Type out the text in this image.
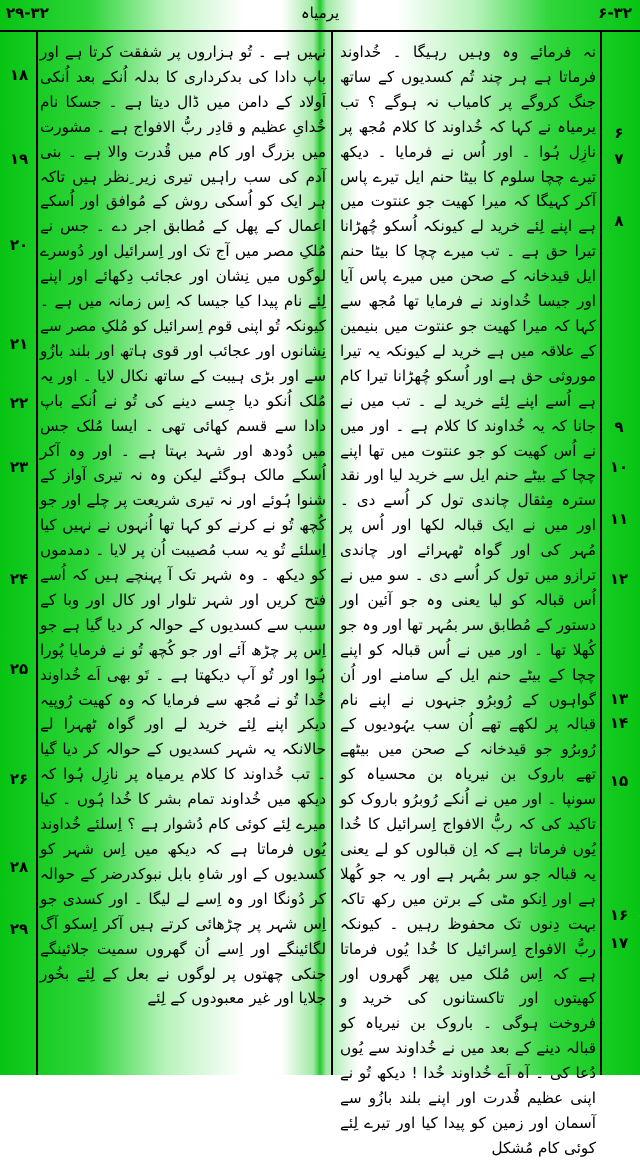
۲۹-۳۲	یرمیاہ	۶-۳۲
نہیں ہے ۔ تُو ہزاروں پر شفقت کرتا ہے اور باپ دادا کی بدکرداری کا بدلہ اُنکے بعد اُنکی اَولاد کے دامن میں ڈال دیتا ہے ۔ جسکا نام خُدایِ عظیم و قادِر ربُّ الافواج ہے ۔ مشورت میں بزرگ اور کام میں قُدرت والا ہے ۔ بنی آدم کی سب راہیں تیری زیر ِنظر ہیں تاکہ ہر ایک کو اُسکی روش کے مُوافق اور اُسکے اعمال کے پھل کے مُطابق اجر دے ۔ جس نے مُلکِ مصر میں آج تک اور اِسرائیل اور دُوسرے لوگوں میں نِشان اور عجائب دِکھائے اور اپنے لِئے نام پیدا کیا جیسا کہ اِس زمانہ میں ہے ۔ کیونکہ تُو اپنی قوم اِسرائیل کو مُلکِ مصر سے نِشانوں اور عجائب اور قوی ہاتھ اور بلند بازُو سے اور بڑی ہیبت کے ساتھ نکال لایا ۔ اور یہ مُلک اُنکو دیا جِسے دینے کی تُو نے اُنکے باپ دادا سے قسم کھائی تھی ۔ ایسا مُلک جس میں دُودھ اور شہد بہتا ہے ۔ اور وہ آکر اُسکے مالک ہوگئے لیکن وہ نہ تیری آواز کے شنوا ہُوئے اور نہ تیری شریعت پر چلے اور جو کُچھ تُو نے کرنے کو کہا تھا اُنہوں نے نہیں کیا اِسلئے تُو یہ سب مُصیبت اُن پر لایا ۔ دمدموں کو دیکھ ۔ وہ شہر تک آ پہنچے ہیں کہ اُسے فتح کریں اور شہر تلوار اور کال اور وبا کے سبب سے کسدیوں کے حوالہ کر دیا گیا ہے جو اِس پر چڑھ آئے اور جو کُچھ تُو نے فرمایا پُورا ہُوا اور تُو آپ دیکھتا ہے ۔ تَو بھی اَے خُداوند خُدا تُو نے مُجھ سے فرمایا کہ وہ کھیت رُوپیہ دیکر اپنے لِئے خرید لے اور گواہ ٹھہرا لے حالانکہ یہ شہر کسدیوں کے حوالہ کر دیا گیا ۔ تب خُداوند کا کلام یرمیاہ پر نازِل ہُوا کہ دیکھ میں خُداوند تمام بشر کا خُدا ہُوں ۔ کیا میرے لِئے کوئی کام دُشوار ہے ؟ اِسلئے خُداوند یُوں فرماتا ہے کہ دیکھ میں اِس شہر کو کسدیوں کے اور شاہِ بابل نبوکدرضر کے حوالہ کر دُونگا اور وہ اِسے لے لیگا ۔ اور کسدی جو اِس شہر پر چڑھائی کرتے ہیں آکر اِسکو آگ لگائینگے اور اِسے اُن گھروں سمیت جلائینگے جنکی چھتوں پر لوگوں نے بعل کے لِئے بخُور جلایا اور غیر معبودوں کے لِئے
نہ فرمائے وہ وہیں رہیگا ۔ خُداوند فرماتا ہے ہر چند تُم کسدیوں کے ساتھ جنگ کروگے پر کامیاب نہ ہوگے ؟ تب یرمیاہ نے کہا کہ خُداوند کا کلام مُجھ پر نازِل ہُوا ۔ اور اُس نے فرمایا ۔ دیکھ تیرے چچا سلوم کا بیٹا حنم ایل تیرے پاس آکر کہیگا کہ میرا کھیت جو عنتوت میں ہے اپنے لِئے خرید لے کیونکہ اُسکو چُھڑانا تیرا حق ہے ۔ تب میرے چچا کا بیٹا حنم ایل قیدخانہ کے صحن میں میرے پاس آیا اور جیسا خُداوند نے فرمایا تھا مُجھ سے کہا کہ میرا کھیت جو عنتوت میں بنیمین کے علاقہ میں ہے خرید لے کیونکہ یہ تیرا موروثی حق ہے اور اُسکو چُھڑانا تیرا کام ہے اُسے اپنے لِئے خرید لے ۔ تب میں نے جانا کہ یہ خُداوند کا کلام ہے ۔ اور میں نے اُس کھیت کو جو عنتوت میں تھا اپنے چچا کے بیٹے حنم ایل سے خرید لیا اور نقد سترہ مِثقال چاندی تول کر اُسے دی ۔ اور میں نے ایک قبالہ لکھا اور اُس پر مُہر کی اور گواہ ٹھہرائے اور چاندی ترازو میں تول کر اُسے دی ۔ سو میں نے اُس قبالہ کو لیا یعنی وہ جو آئین اور دستور کے مُطابق سر بمُہر تھا اور وہ جو کُھلا تھا ۔ اور میں نے اُس قبالہ کو اپنے چچا کے بیٹے حنم ایل کے سامنے اور اُن گواہوں کے رُوبرُو جنہوں نے اپنے نام قبالہ پر لکھے تھے اُن سب یہُودیوں کے رُوبرُو جو قیدخانہ کے صحن میں بیٹھے تھے باروک بن نیریاہ بن محسیاہ کو سونپا ۔ اور میں نے اُنکے رُوبرُو باروک کو تاکید کی کہ ربُّ الافواج اِسرائیل کا خُدا یُوں فرماتا ہے کہ اِن قبالوں کو لے یعنی یہ قبالہ جو سر بمُہر ہے اور یہ جو کُھلا ہے اور اِنکو مٹی کے برتن میں رکھ تاکہ بہت دِنوں تک محفوظ رہیں ۔ کیونکہ ربُّ الافواج اِسرائیل کا خُدا یُوں فرماتا ہے کہ اِس مُلک میں پھر گھروں اور کھیتوں اور تاکستانوں کی خرید و فروخت ہوگی ۔ باروک بن نیریاہ کو قبالہ دینے کے بعد میں نے خُداوند سے یُوں دُعا کی ۔ آہ اَے خُداوند خُدا ! دیکھ تُو نے اپنی عظیم قُدرت اور اپنے بلند بازُو سے آسمان اور زمین کو پیدا کیا اور تیرے لِئے کوئی کام مُشکل
۱۸
۱۹
۲۰
۲۱
۲۲
۲۳
۲۴
۲۵
۲۶
۲۸
۲۹
۶
۷
۸
۹
۱۰
۱۱
۱۲
۱۳
۱۴
۱۵
۱۶
۱۷
